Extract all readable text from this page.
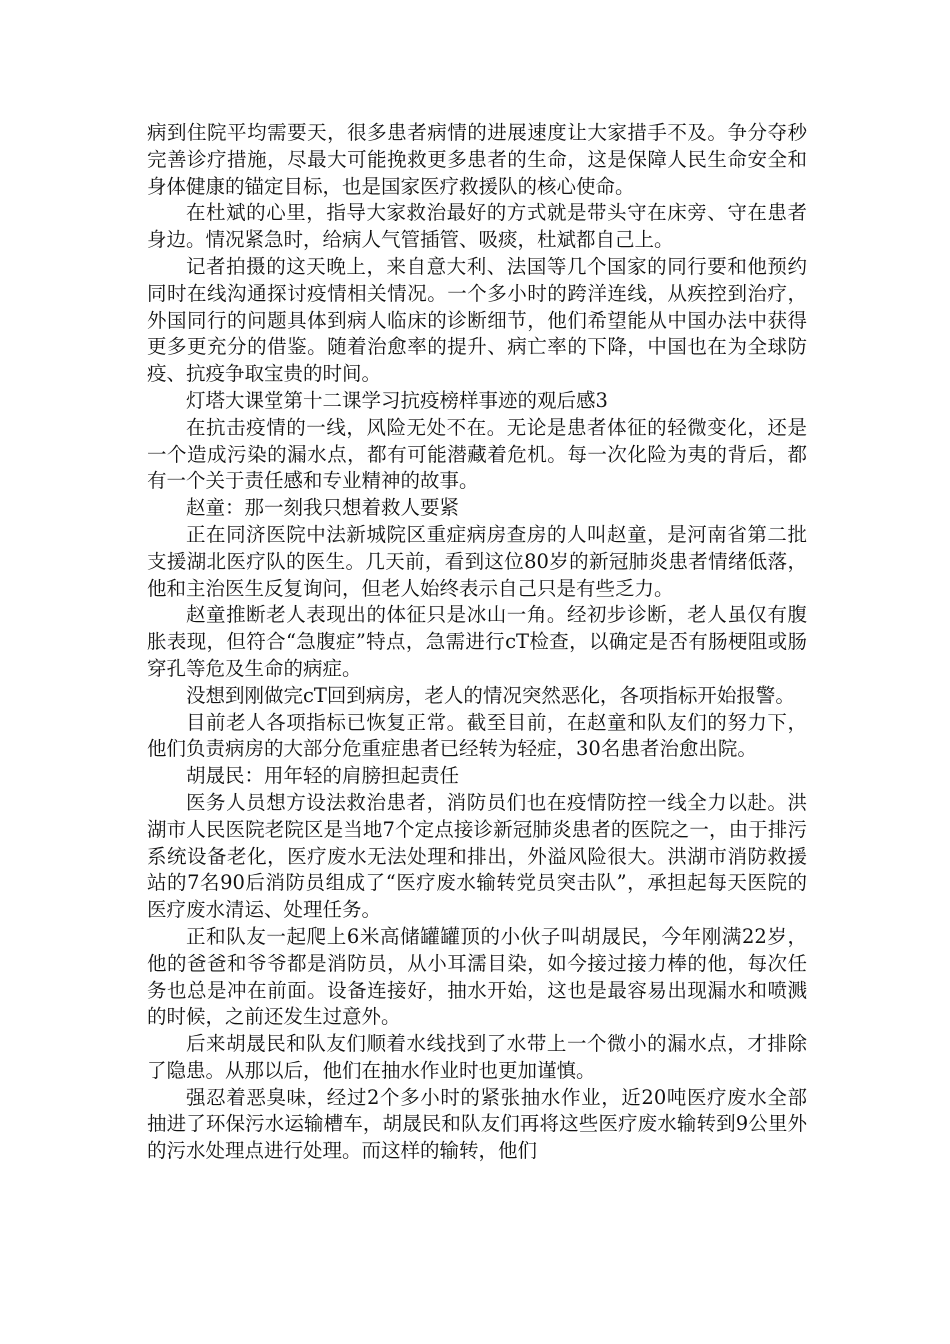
病到住院平均需要天，很多患者病情的进展速度让大家措手不及。争分夺秒完善诊疗措施，尽最大可能挽救更多患者的生命，这是保障人民生命安全和身体健康的锚定目标，也是国家医疗救援队的核心使命。

在杜斌的心里，指导大家救治最好的方式就是带头守在床旁、守在患者身边。情况紧急时，给病人气管插管、吸痰，杜斌都自己上。

记者拍摄的这天晚上，来自意大利、法国等几个国家的同行要和他预约同时在线沟通探讨疫情相关情况。一个多小时的跨洋连线，从疾控到治疗，外国同行的问题具体到病人临床的诊断细节，他们希望能从中国办法中获得更多更充分的借鉴。随着治愈率的提升、病亡率的下降，中国也在为全球防疫、抗疫争取宝贵的时间。

灯塔大课堂第十二课学习抗疫榜样事迹的观后感3

在抗击疫情的一线，风险无处不在。无论是患者体征的轻微变化，还是一个造成污染的漏水点，都有可能潜藏着危机。每一次化险为夷的背后，都有一个关于责任感和专业精神的故事。

赵童：那一刻我只想着救人要紧

正在同济医院中法新城院区重症病房查房的人叫赵童，是河南省第二批支援湖北医疗队的医生。几天前，看到这位80岁的新冠肺炎患者情绪低落，他和主治医生反复询问，但老人始终表示自己只是有些乏力。

赵童推断老人表现出的体征只是冰山一角。经初步诊断，老人虽仅有腹胀表现，但符合“急腹症”特点，急需进行cT检查，以确定是否有肠梗阻或肠穿孔等危及生命的病症。

没想到刚做完cT回到病房，老人的情况突然恶化，各项指标开始报警。

目前老人各项指标已恢复正常。截至目前，在赵童和队友们的努力下，他们负责病房的大部分危重症患者已经转为轻症，30名患者治愈出院。

胡晟民：用年轻的肩膀担起责任

医务人员想方设法救治患者，消防员们也在疫情防控一线全力以赴。洪湖市人民医院老院区是当地7个定点接诊新冠肺炎患者的医院之一，由于排污系统设备老化，医疗废水无法处理和排出，外溢风险很大。洪湖市消防救援站的7名90后消防员组成了“医疗废水输转党员突击队”，承担起每天医院的医疗废水清运、处理任务。

正和队友一起爬上6米高储罐罐顶的小伙子叫胡晟民，今年刚满22岁，他的爸爸和爷爷都是消防员，从小耳濡目染，如今接过接力棒的他，每次任务也总是冲在前面。设备连接好，抽水开始，这也是最容易出现漏水和喷溅的时候，之前还发生过意外。

后来胡晟民和队友们顺着水线找到了水带上一个微小的漏水点，才排除了隐患。从那以后，他们在抽水作业时也更加谨慎。

强忍着恶臭味，经过2个多小时的紧张抽水作业，近20吨医疗废水全部抽进了环保污水运输槽车，胡晟民和队友们再将这些医疗废水输转到9公里外的污水处理点进行处理。而这样的输转，他们
